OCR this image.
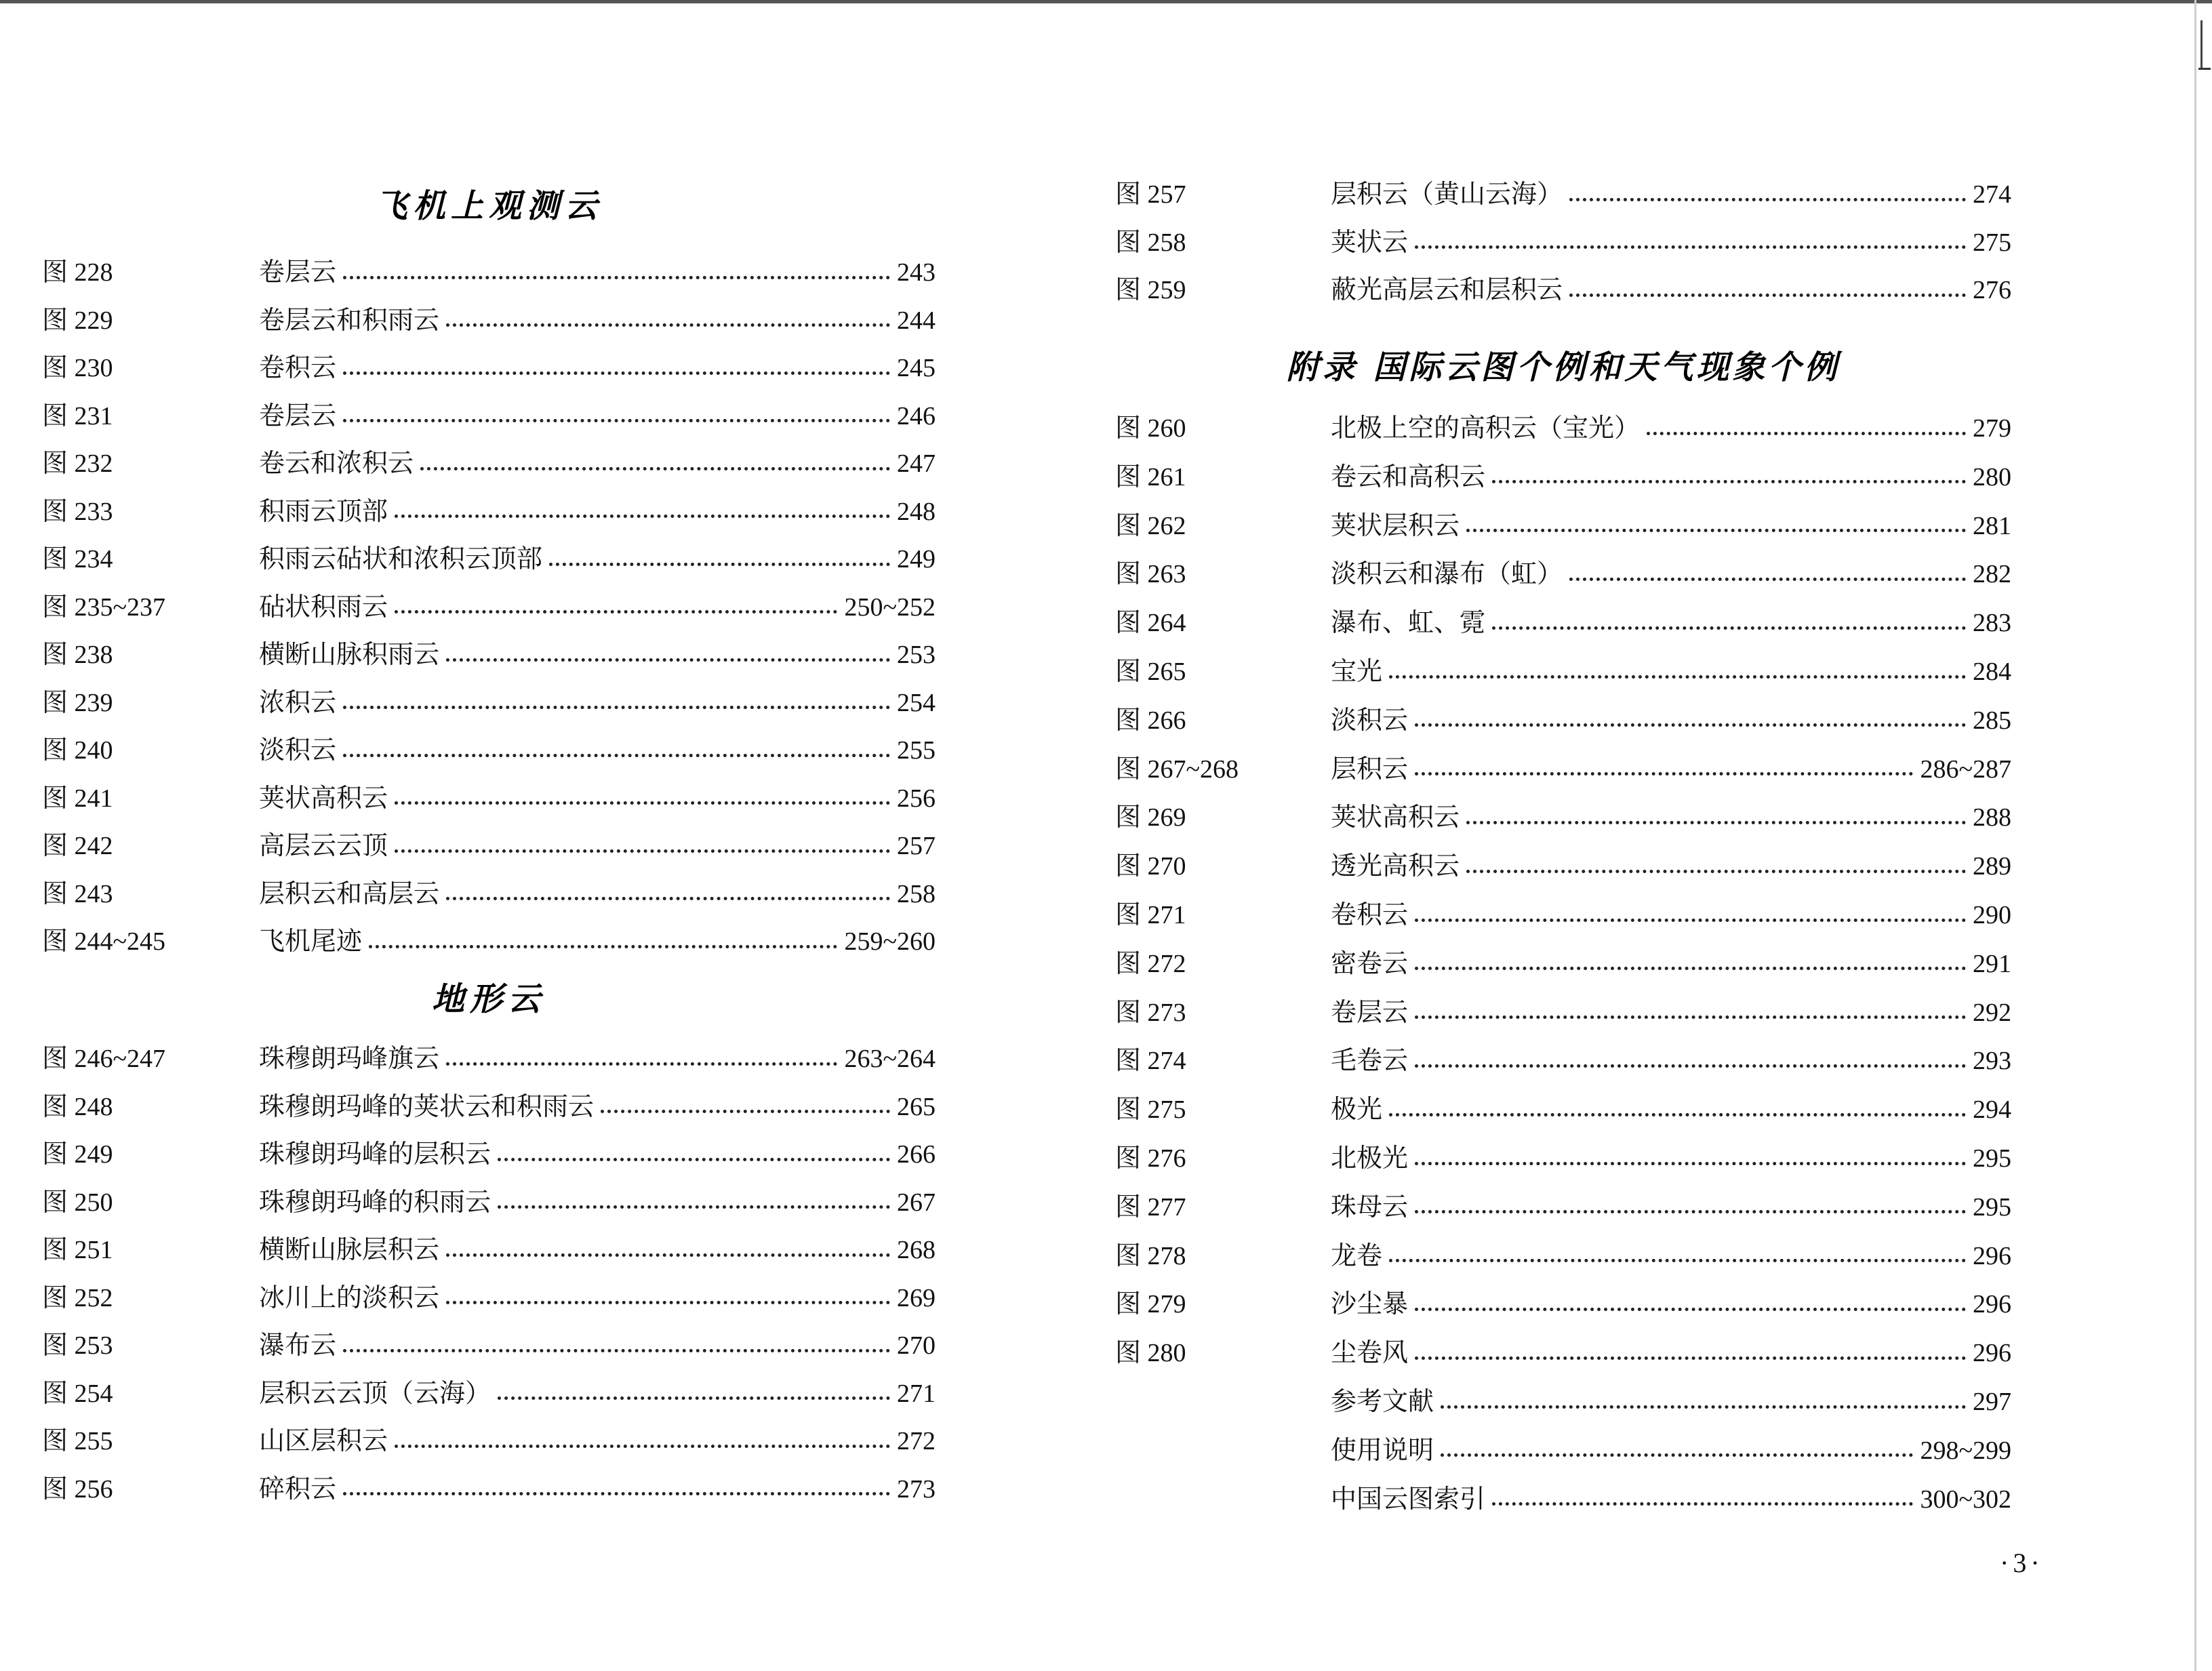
飞机上观测云
图 228	卷层云	243
图 229	卷层云和积雨云	244
图 230	卷积云	245
图 231	卷层云	246
图 232	卷云和浓积云	247
图 233	积雨云顶部	248
图 234	积雨云砧状和浓积云顶部	249
图 235~237	砧状积雨云	250~252
图 238	横断山脉积雨云	253
图 239	浓积云	254
图 240	淡积云	255
图 241	荚状高积云	256
图 242	高层云云顶	257
图 243	层积云和高层云	258
图 244~245	飞机尾迹	259~260
地形云
图 246~247	珠穆朗玛峰旗云	263~264
图 248	珠穆朗玛峰的荚状云和积雨云	265
图 249	珠穆朗玛峰的层积云	266
图 250	珠穆朗玛峰的积雨云	267
图 251	横断山脉层积云	268
图 252	冰川上的淡积云	269
图 253	瀑布云	270
图 254	层积云云顶（云海）	271
图 255	山区层积云	272
图 256	碎积云	273
图 257	层积云（黄山云海）	274
图 258	荚状云	275
图 259	蔽光高层云和层积云	276
附录 国际云图个例和天气现象个例
图 260	北极上空的高积云（宝光）	279
图 261	卷云和高积云	280
图 262	荚状层积云	281
图 263	淡积云和瀑布（虹）	282
图 264	瀑布、虹、霓	283
图 265	宝光	284
图 266	淡积云	285
图 267~268	层积云	286~287
图 269	荚状高积云	288
图 270	透光高积云	289
图 271	卷积云	290
图 272	密卷云	291
图 273	卷层云	292
图 274	毛卷云	293
图 275	极光	294
图 276	北极光	295
图 277	珠母云	295
图 278	龙卷	296
图 279	沙尘暴	296
图 280	尘卷风	296
参考文献	297
使用说明	298~299
中国云图索引	300~302
·3·
